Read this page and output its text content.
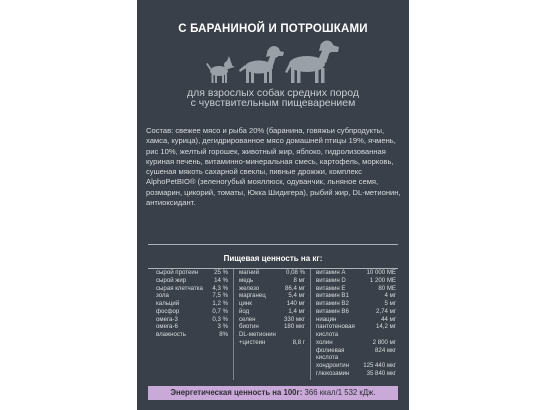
С БАРАНИНОЙ И ПОТРОШКАМИ
для взрослых собак средних пород
с чувствительным пищеварением
Состав: свежее мясо и рыба 20% (баранина, говяжьи субпродукты,
хамса, курица), дегидрированное мясо домашней птицы 19%, ячмень,
рис 10%, желтый горошек, животный жир, яблоко, гидролизованная
куриная печень, витаминно-минеральная смесь, картофель, морковь,
сушеная мякоть сахарной свеклы, пивные дрожжи, комплекс
AlphoPetBIO® (зеленогубый мояллюск, одуванчик, льняное семя,
розмарин, цикорий, томаты, Юкка Шидигера), рыбий жир, DL-метионин,
антиоксидант.
Пищевая ценность на кг:
сырой протеин	25 %
сырой жир	14 %
сырая клетчатка 4,3 %
зола	7,5 %
кальций	1,2 %
фосфор	0,7 %
омега-3	0,3 %
омега-6	3 %
влажность	8%
магний	0,08 %
медь	8 мг
железо	86,4 мг
марганец	5,4 мг
цинк	140 мг
йод	1,4 мг
селен	330 мкг
биотин	180 мкг
DL-метионин
+цистеин	8,8 г
витамин А	10 000 МЕ
витамин D	1 200 МЕ
витамин Е	80 МЕ
витамин В1	4 мг
витамин В2	5 мг
витамин В6	2,74 мг
ниацин	44 мг
пантотеновая	14,2 мг
кислота
холин	2 800 мг
фолиевая	824 мкг
кислота
хондроитин 125 440 мкг
глюкозамин	35 840 мкг
Энергетическая ценность на 100г: 366 ккал/1 532 кДж.
